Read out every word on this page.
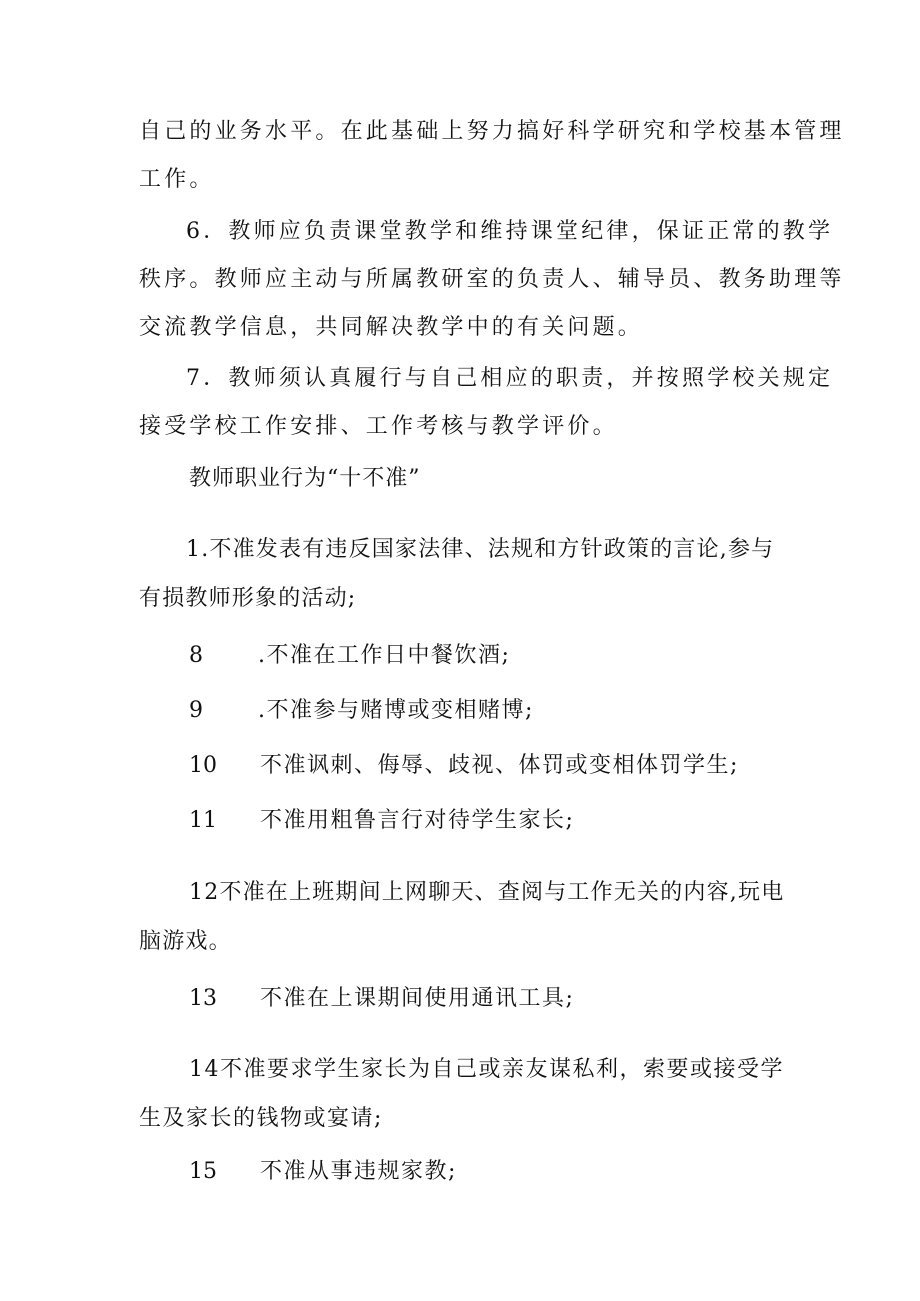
自己的业务水平。在此基础上努力搞好科学研究和学校基本管理
工作。
6．教师应负责课堂教学和维持课堂纪律，保证正常的教学
秩序。教师应主动与所属教研室的负责人、辅导员、教务助理等
交流教学信息，共同解决教学中的有关问题。
7．教师须认真履行与自己相应的职责，并按照学校关规定
接受学校工作安排、工作考核与教学评价。
教师职业行为“十不准”
1.不准发表有违反国家法律、法规和方针政策的言论,参与
有损教师形象的活动;
8	.不准在工作日中餐饮酒;
9	.不准参与赌博或变相赌博;
10 不准讽刺、侮辱、歧视、体罚或变相体罚学生;
11 不准用粗鲁言行对待学生家长;
12不准在上班期间上网聊天、查阅与工作无关的内容,玩电
脑游戏。
13 不准在上课期间使用通讯工具;
14不准要求学生家长为自己或亲友谋私利，索要或接受学
生及家长的钱物或宴请;
15 不准从事违规家教;
